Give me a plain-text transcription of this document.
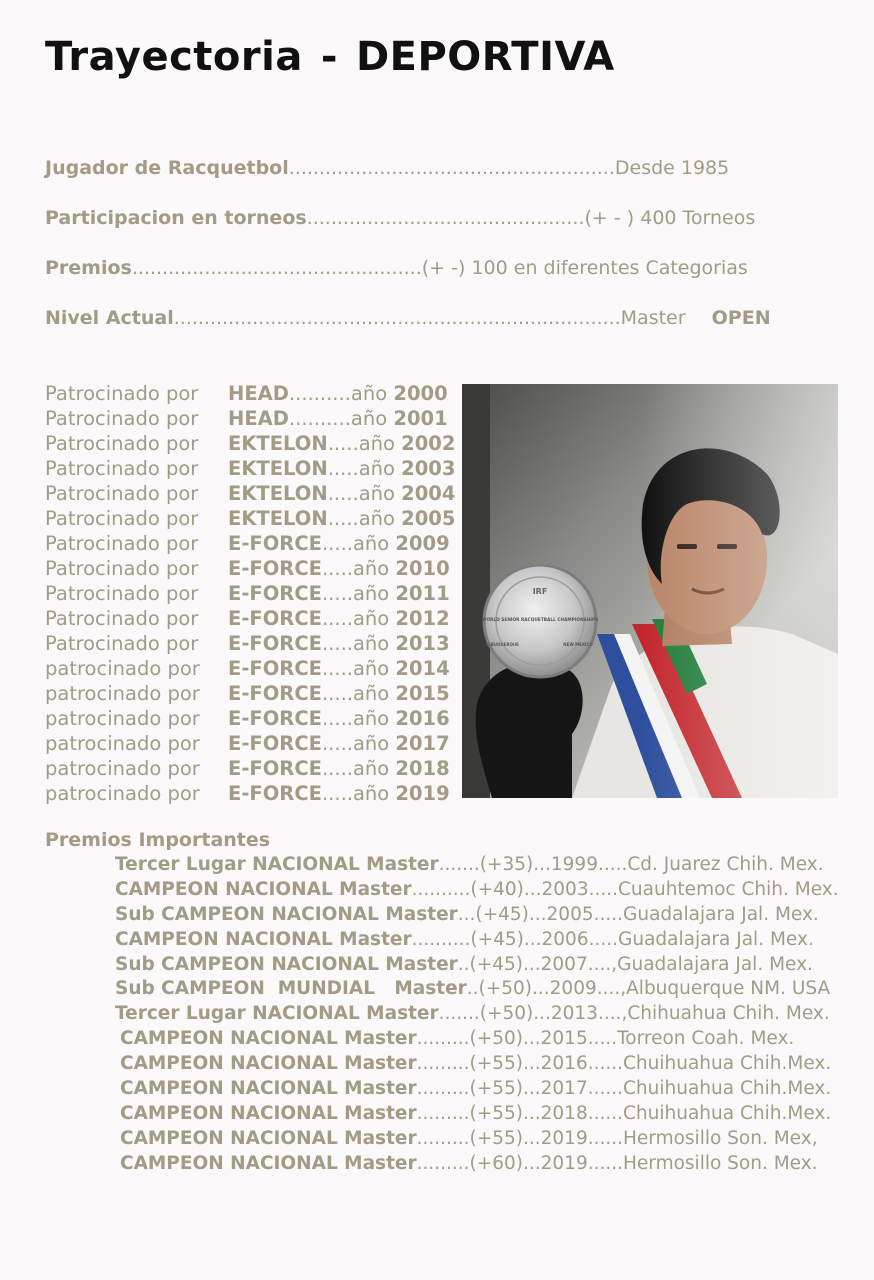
Trayectoria - DEPORTIVA
Jugador de Racquetbol......................................................Desde 1985
Participacion en torneos..............................................(+ - ) 400 Torneos
Premios................................................(+ -) 100 en diferentes Categorias
Nivel Actual..........................................................................Master  OPEN
Patrocinado por HEAD..........año 2000
Patrocinado por HEAD..........año 2001
Patrocinado por EKTELON.....año 2002
Patrocinado por EKTELON.....año 2003
Patrocinado por EKTELON.....año 2004
Patrocinado por EKTELON.....año 2005
Patrocinado por E-FORCE.....año 2009
Patrocinado por E-FORCE.....año 2010
Patrocinado por E-FORCE.....año 2011
Patrocinado por E-FORCE.....año 2012
Patrocinado por E-FORCE.....año 2013
patrocinado por E-FORCE.....año 2014
patrocinado por E-FORCE.....año 2015
patrocinado por E-FORCE.....año 2016
patrocinado por E-FORCE.....año 2017
patrocinado por E-FORCE.....año 2018
patrocinado por E-FORCE.....año 2019
IRF
WORLD SENIOR RACQUETBALL CHAMPIONSHIPS
ALBUQUERQUE	NEW MEXICO
Premios Importantes
Tercer Lugar NACIONAL Master.......(+35)...1999.....Cd. Juarez Chih. Mex.
CAMPEON NACIONAL Master..........(+40)...2003.....Cuauhtemoc Chih. Mex.
Sub CAMPEON NACIONAL Master...(+45)...2005.....Guadalajara Jal. Mex.
CAMPEON NACIONAL Master..........(+45)...2006.....Guadalajara Jal. Mex.
Sub CAMPEON NACIONAL Master..(+45)...2007....,Guadalajara Jal. Mex.
Sub CAMPEON  MUNDIAL   Master..(+50)...2009....,Albuquerque NM. USA
Tercer Lugar NACIONAL Master.......(+50)...2013....,Chihuahua Chih. Mex.
CAMPEON NACIONAL Master.........(+50)...2015.....Torreon Coah. Mex.
CAMPEON NACIONAL Master.........(+55)...2016......Chuihuahua Chih.Mex.
CAMPEON NACIONAL Master.........(+55)...2017......Chuihuahua Chih.Mex.
CAMPEON NACIONAL Master.........(+55)...2018......Chuihuahua Chih.Mex.
CAMPEON NACIONAL Master.........(+55)...2019......Hermosillo Son. Mex,
CAMPEON NACIONAL Master.........(+60)...2019......Hermosillo Son. Mex.
